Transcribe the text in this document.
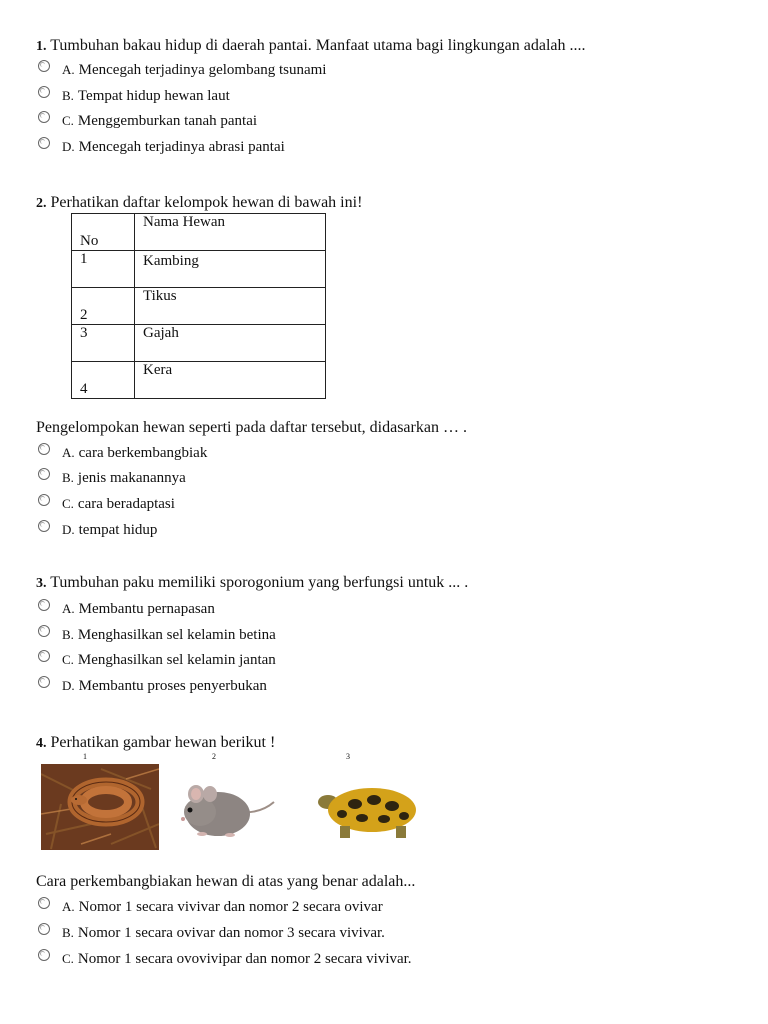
1. Tumbuhan bakau hidup di daerah pantai. Manfaat utama bagi lingkungan adalah ....
A. Mencegah terjadinya gelombang tsunami
B. Tempat hidup hewan laut
C. Menggemburkan tanah pantai
D. Mencegah terjadinya abrasi pantai
2. Perhatikan daftar kelompok hewan di bawah ini!
No	Nama Hewan
1	Kambing
2	Tikus
3	Gajah
4	Kera
Pengelompokan hewan seperti pada daftar tersebut, didasarkan … .
A. cara berkembangbiak
B. jenis makanannya
C. cara beradaptasi
D. tempat hidup
3. Tumbuhan paku memiliki sporogonium yang berfungsi untuk ... .
A. Membantu pernapasan
B. Menghasilkan sel kelamin betina
C. Menghasilkan sel kelamin jantan
D. Membantu proses penyerbukan
4. Perhatikan gambar hewan berikut !
1	2	3
Cara perkembangbiakan hewan di atas yang benar adalah...
A. Nomor 1 secara vivivar dan nomor 2 secara ovivar
B. Nomor 1 secara ovivar dan nomor 3 secara vivivar.
C. Nomor 1 secara ovovivipar dan nomor 2 secara vivivar.
